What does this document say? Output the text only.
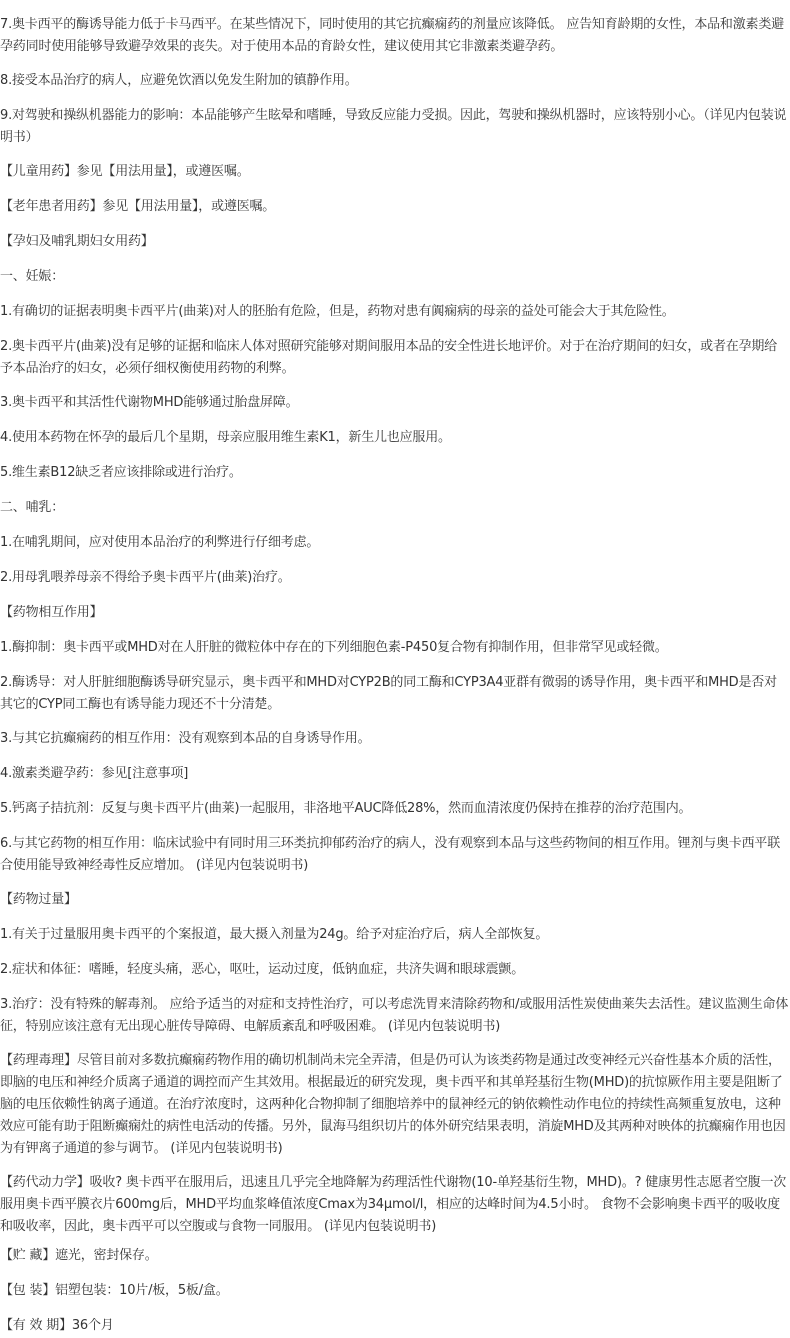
7.奥卡西平的酶诱导能力低于卡马西平。在某些情况下，同时使用的其它抗癫痫药的剂量应该降低。 应告知育龄期的女性，本品和激素类避孕药同时使用能够导致避孕效果的丧失。对于使用本品的育龄女性，建议使用其它非激素类避孕药。

8.接受本品治疗的病人，应避免饮酒以免发生附加的镇静作用。

9.对驾驶和操纵机器能力的影响：本品能够产生眩晕和嗜睡，导致反应能力受损。因此，驾驶和操纵机器时，应该特别小心。（详见内包装说明书）

【儿童用药】参见【用法用量】，或遵医嘱。

【老年患者用药】参见【用法用量】，或遵医嘱。

【孕妇及哺乳期妇女用药】

一、妊娠：

1.有确切的证据表明奥卡西平片(曲莱)对人的胚胎有危险，但是，药物对患有阗痫病的母亲的益处可能会大于其危险性。

2.奥卡西平片(曲莱)没有足够的证据和临床人体对照研究能够对期间服用本品的安全性进长地评价。对于在治疗期间的妇女，或者在孕期给予本品治疗的妇女，必须仔细权衡使用药物的利弊。

3.奥卡西平和其活性代谢物MHD能够通过胎盘屏障。

4.使用本药物在怀孕的最后几个星期，母亲应服用维生素K1，新生儿也应服用。

5.维生素B12缺乏者应该排除或进行治疗。

二、哺乳：

1.在哺乳期间，应对使用本品治疗的利弊进行仔细考虑。

2.用母乳喂养母亲不得给予奥卡西平片(曲莱)治疗。

【药物相互作用】

1.酶抑制：奥卡西平或MHD对在人肝脏的微粒体中存在的下列细胞色素-P450复合物有抑制作用，但非常罕见或轻微。

2.酶诱导：对人肝脏细胞酶诱导研究显示，奥卡西平和MHD对CYP2B的同工酶和CYP3A4亚群有微弱的诱导作用，奥卡西平和MHD是否对其它的CYP同工酶也有诱导能力现还不十分清楚。

3.与其它抗癫痫药的相互作用：没有观察到本品的自身诱导作用。

4.激素类避孕药：参见[注意事项]

5.钙离子拮抗剂：反复与奥卡西平片(曲莱)一起服用，非洛地平AUC降低28%，然而血清浓度仍保持在推荐的治疗范围内。

6.与其它药物的相互作用：临床试验中有同时用三环类抗抑郁药治疗的病人，没有观察到本品与这些药物间的相互作用。锂剂与奥卡西平联合使用能导致神经毒性反应增加。 (详见内包装说明书)

【药物过量】

1.有关于过量服用奥卡西平的个案报道，最大摄入剂量为24g。给予对症治疗后，病人全部恢复。

2.症状和体征：嗜睡，轻度头痛，恶心，呕吐，运动过度，低钠血症，共济失调和眼球震颤。

3.治疗：没有特殊的解毒剂。 应给予适当的对症和支持性治疗，可以考虑洗胃来清除药物和/或服用活性炭使曲莱失去活性。建议监测生命体征，特别应该注意有无出现心脏传导障碍、电解质紊乱和呼吸困难。 (详见内包装说明书)

【药理毒理】尽管目前对多数抗癫痫药物作用的确切机制尚未完全弄清，但是仍可认为该类药物是通过改变神经元兴奋性基本介质的活性，即脑的电压和神经介质离子通道的调控而产生其效用。根据最近的研究发现，奥卡西平和其单羟基衍生物(MHD)的抗惊厥作用主要是阻断了脑的电压依赖性钠离子通道。在治疗浓度时，这两种化合物抑制了细胞培养中的鼠神经元的钠依赖性动作电位的持续性高频重复放电，这种效应可能有助于阻断癫痫灶的病性电活动的传播。另外，鼠海马组织切片的体外研究结果表明，消旋MHD及其两种对映体的抗癫痫作用也因为有钾离子通道的参与调节。 (详见内包装说明书)

【药代动力学】吸收? 奥卡西平在服用后，迅速且几乎完全地降解为药理活性代谢物(10-单羟基衍生物，MHD)。? 健康男性志愿者空腹一次服用奥卡西平膜衣片600mg后，MHD平均血浆峰值浓度Cmax为34μmol/l，相应的达峰时间为4.5小时。 食物不会影响奥卡西平的吸收度和吸收率，因此，奥卡西平可以空腹或与食物一同服用。 (详见内包装说明书)

【贮 藏】遮光，密封保存。

【包 装】铝塑包装：10片/板，5板/盒。

【有 效 期】36个月
